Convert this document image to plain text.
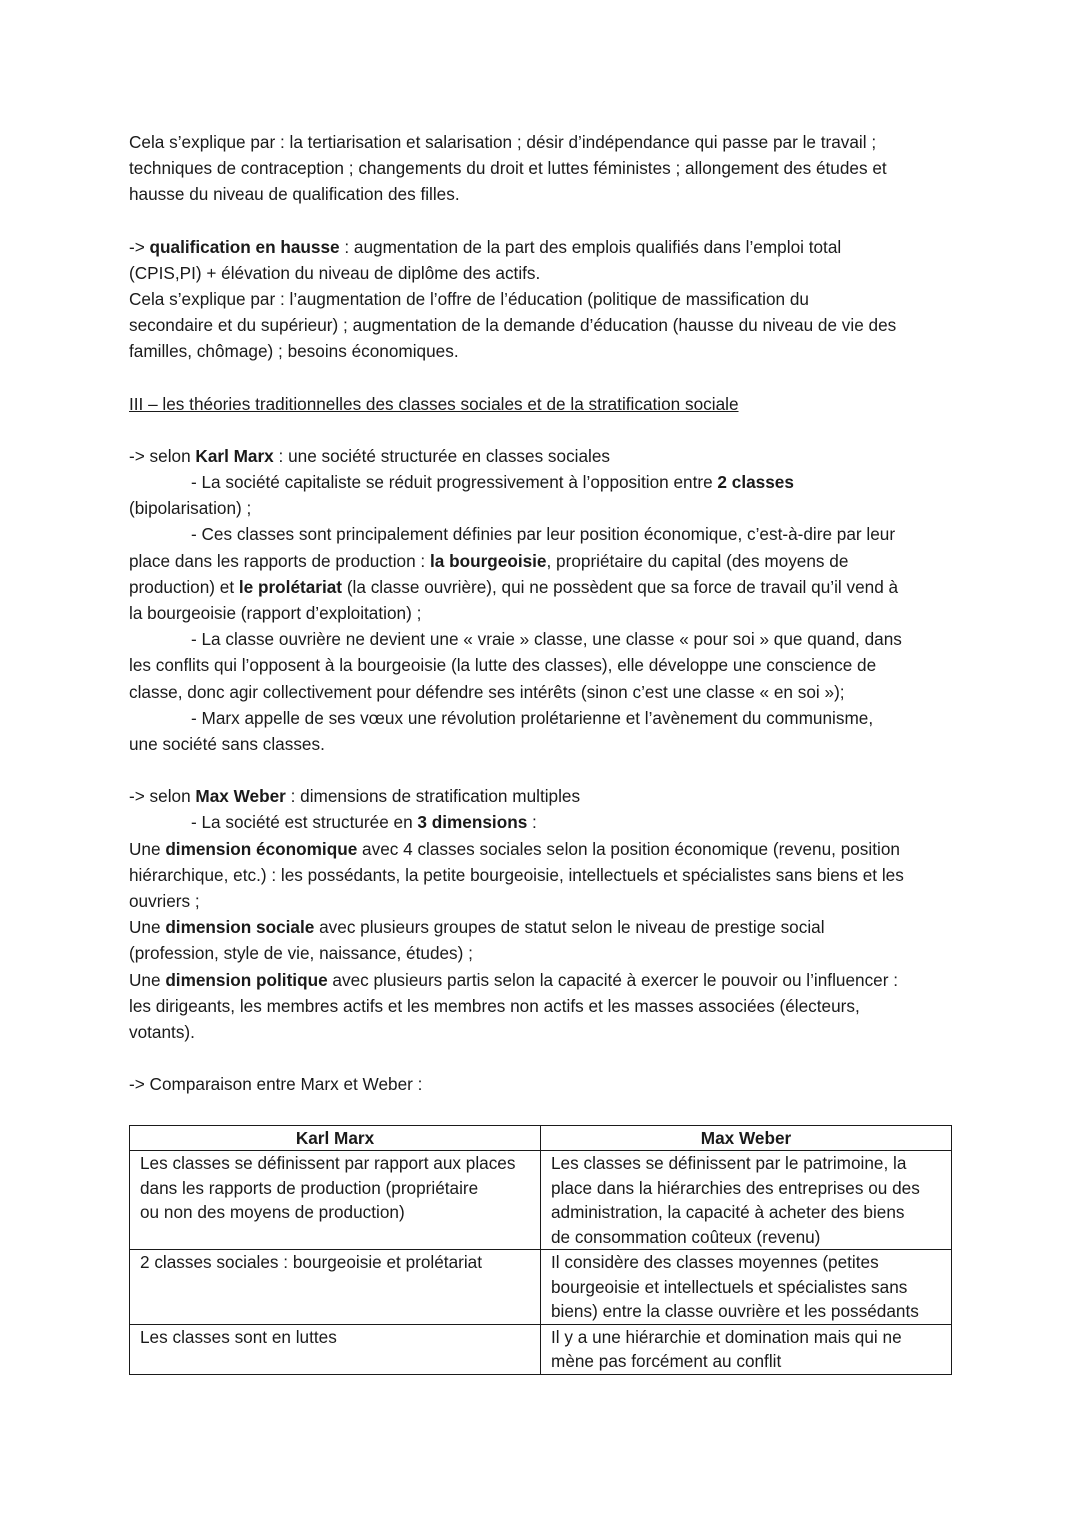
Cela s’explique par : la tertiarisation et salarisation ; désir d’indépendance qui passe par le travail ;
techniques de contraception ; changements du droit et luttes féministes ; allongement des études et
hausse du niveau de qualification des filles.

-> qualification en hausse : augmentation de la part des emplois qualifiés dans l’emploi total
(CPIS,PI) + élévation du niveau de diplôme des actifs.
Cela s’explique par : l’augmentation de l’offre de l’éducation (politique de massification du
secondaire et du supérieur) ; augmentation de la demande d’éducation (hausse du niveau de vie des
familles, chômage) ; besoins économiques.

III – les théories traditionnelles des classes sociales et de la stratification sociale

-> selon Karl Marx : une société structurée en classes sociales

- La société capitaliste se réduit progressivement à l’opposition entre 2 classes

(bipolarisation) ;

- Ces classes sont principalement définies par leur position économique, c’est-à-dire par leur

place dans les rapports de production : la bourgeoisie, propriétaire du capital (des moyens de
production) et le prolétariat (la classe ouvrière), qui ne possèdent que sa force de travail qu’il vend à
la bourgeoisie (rapport d’exploitation) ;

- La classe ouvrière ne devient une « vraie » classe, une classe « pour soi » que quand, dans

les conflits qui l’opposent à la bourgeoisie (la lutte des classes), elle développe une conscience de
classe, donc agir collectivement pour défendre ses intérêts (sinon c’est une classe « en soi »);

- Marx appelle de ses vœux une révolution prolétarienne et l’avènement du communisme,

une société sans classes.

-> selon Max Weber : dimensions de stratification multiples

- La société est structurée en 3 dimensions :

Une dimension économique avec 4 classes sociales selon la position économique (revenu, position
hiérarchique, etc.) : les possédants, la petite bourgeoisie, intellectuels et spécialistes sans biens et les
ouvriers ;

Une dimension sociale avec plusieurs groupes de statut selon le niveau de prestige social
(profession, style de vie, naissance, études) ;

Une dimension politique avec plusieurs partis selon la capacité à exercer le pouvoir ou l’influencer :
les dirigeants, les membres actifs et les membres non actifs et les masses associées (électeurs,
votants).

-> Comparaison entre Marx et Weber :

Karl Marx	Max Weber
Les classes se définissent par rapport aux places
dans les rapports de production (propriétaire
ou non des moyens de production)	Les classes se définissent par le patrimoine, la
place dans la hiérarchies des entreprises ou des
administration, la capacité à acheter des biens
de consommation coûteux (revenu)
2 classes sociales : bourgeoisie et prolétariat	Il considère des classes moyennes (petites
bourgeoisie et intellectuels et spécialistes sans
biens) entre la classe ouvrière et les possédants
Les classes sont en luttes	Il y a une hiérarchie et domination mais qui ne
mène pas forcément au conflit
